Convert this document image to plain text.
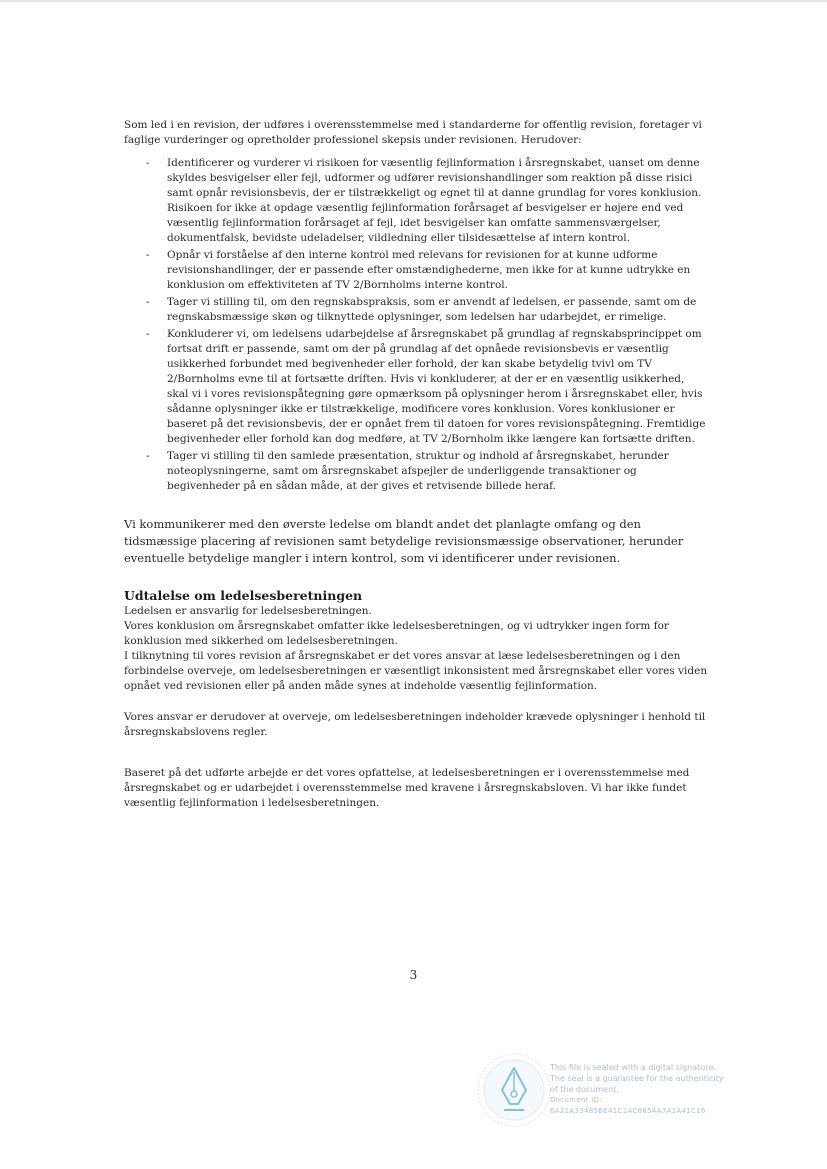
Som led i en revision, der udføres i overensstemmelse med i standarderne for offentlig revision, foretager vi faglige vurderinger og opretholder professionel skepsis under revisionen. Herudover:

- Identificerer og vurderer vi risikoen for væsentlig fejlinformation i årsregnskabet, uanset om denne skyldes besvigelser eller fejl, udformer og udfører revisionshandlinger som reaktion på disse risici samt opnår revisionsbevis, der er tilstrækkeligt og egnet til at danne grundlag for vores konklusion. Risikoen for ikke at opdage væsentlig fejlinformation forårsaget af besvigelser er højere end ved væsentlig fejlinformation forårsaget af fejl, idet besvigelser kan omfatte sammensværgelser, dokumentfalsk, bevidste udeladelser, vildledning eller tilsidesættelse af intern kontrol.
- Opnår vi forståelse af den interne kontrol med relevans for revisionen for at kunne udforme revisionshandlinger, der er passende efter omstændighederne, men ikke for at kunne udtrykke en konklusion om effektiviteten af TV 2/Bornholms interne kontrol.
- Tager vi stilling til, om den regnskabspraksis, som er anvendt af ledelsen, er passende, samt om de regnskabsmæssige skøn og tilknyttede oplysninger, som ledelsen har udarbejdet, er rimelige.
- Konkluderer vi, om ledelsens udarbejdelse af årsregnskabet på grundlag af regnskabsprincippet om fortsat drift er passende, samt om der på grundlag af det opnåede revisionsbevis er væsentlig usikkerhed forbundet med begivenheder eller forhold, der kan skabe betydelig tvivl om TV 2/Bornholms evne til at fortsætte driften. Hvis vi konkluderer, at der er en væsentlig usikkerhed, skal vi i vores revisionspåtegning gøre opmærksom på oplysninger herom i årsregnskabet eller, hvis sådanne oplysninger ikke er tilstrækkelige, modificere vores konklusion. Vores konklusioner er baseret på det revisionsbevis, der er opnået frem til datoen for vores revisionspåtegning. Fremtidige begivenheder eller forhold kan dog medføre, at TV 2/Bornholm ikke længere kan fortsætte driften.
- Tager vi stilling til den samlede præsentation, struktur og indhold af årsregnskabet, herunder noteoplysningerne, samt om årsregnskabet afspejler de underliggende transaktioner og begivenheder på en sådan måde, at der gives et retvisende billede heraf.

Vi kommunikerer med den øverste ledelse om blandt andet det planlagte omfang og den tidsmæssige placering af revisionen samt betydelige revisionsmæssige observationer, herunder eventuelle betydelige mangler i intern kontrol, som vi identificerer under revisionen.

Udtalelse om ledelsesberetningen

Ledelsen er ansvarlig for ledelsesberetningen.

Vores konklusion om årsregnskabet omfatter ikke ledelsesberetningen, og vi udtrykker ingen form for konklusion med sikkerhed om ledelsesberetningen.

I tilknytning til vores revision af årsregnskabet er det vores ansvar at læse ledelsesberetningen og i den forbindelse overveje, om ledelsesberetningen er væsentligt inkonsistent med årsregnskabet eller vores viden opnået ved revisionen eller på anden måde synes at indeholde væsentlig fejlinformation.

Vores ansvar er derudover at overveje, om ledelsesberetningen indeholder krævede oplysninger i henhold til årsregnskabslovens regler.

Baseret på det udførte arbejde er det vores opfattelse, at ledelsesberetningen er i overensstemmelse med årsregnskabet og er udarbejdet i overensstemmelse med kravene i årsregnskabsloven. Vi har ikke fundet væsentlig fejlinformation i ledelsesberetningen.

3
This file is sealed with a digital signature.
The seal is a guarantee for the authenticity
of the document.
Document ID:
6A21A33485BE41C1AC8654A7A1A41C16
